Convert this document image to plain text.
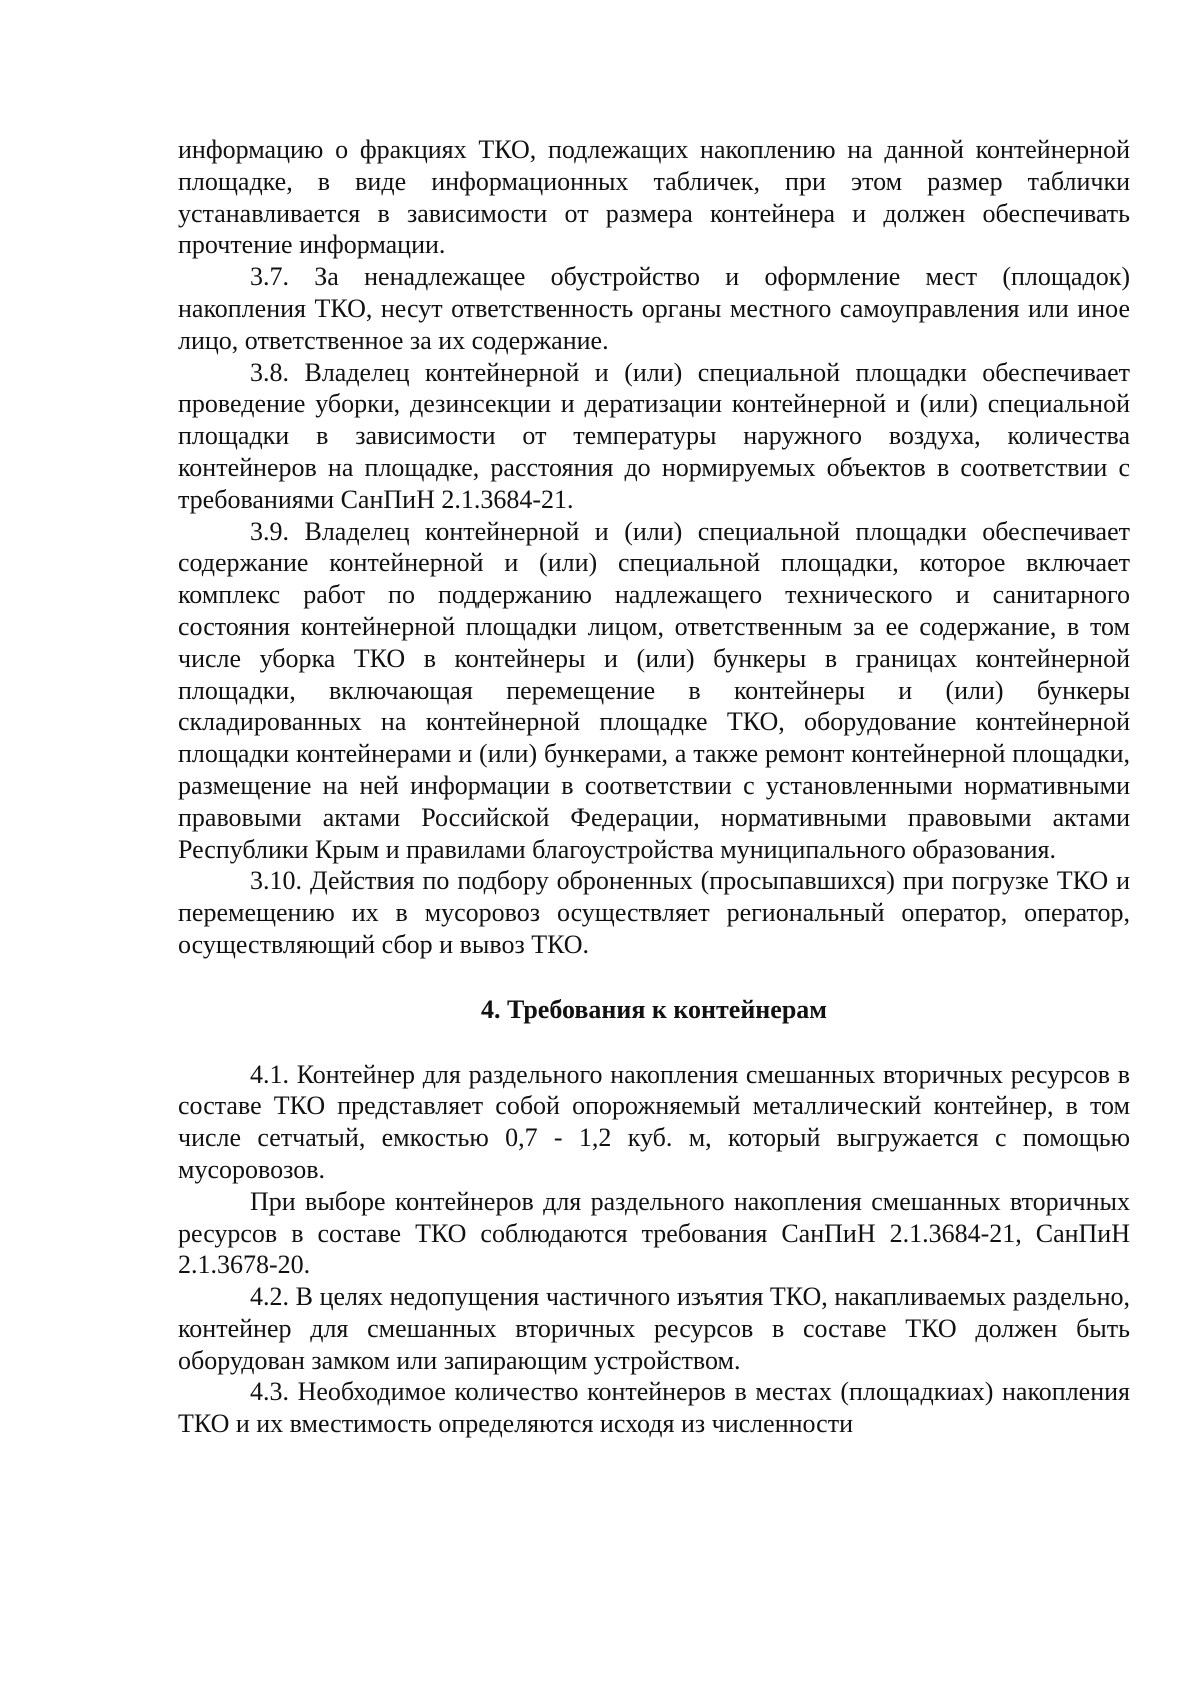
информацию о фракциях ТКО, подлежащих накоплению на данной контейнерной площадке, в виде информационных табличек, при этом размер таблички устанавливается в зависимости от размера контейнера и должен обеспечивать прочтение информации.

3.7. За ненадлежащее обустройство и оформление мест (площадок) накопления ТКО, несут ответственность органы местного самоуправления или иное лицо, ответственное за их содержание.

3.8. Владелец контейнерной и (или) специальной площадки обеспечивает проведение уборки, дезинсекции и дератизации контейнерной и (или) специальной площадки в зависимости от температуры наружного воздуха, количества контейнеров на площадке, расстояния до нормируемых объектов в соответствии с требованиями СанПиН 2.1.3684-21.

3.9. Владелец контейнерной и (или) специальной площадки обеспечивает содержание контейнерной и (или) специальной площадки, которое включает комплекс работ по поддержанию надлежащего технического и санитарного состояния контейнерной площадки лицом, ответственным за ее содержание, в том числе уборка ТКО в контейнеры и (или) бункеры в границах контейнерной площадки, включающая перемещение в контейнеры и (или) бункеры складированных на контейнерной площадке ТКО, оборудование контейнерной площадки контейнерами и (или) бункерами, а также ремонт контейнерной площадки, размещение на ней информации в соответствии с установленными нормативными правовыми актами Российской Федерации, нормативными правовыми актами Республики Крым и правилами благоустройства муниципального образования.

3.10. Действия по подбору оброненных (просыпавшихся) при погрузке ТКО и перемещению их в мусоровоз осуществляет региональный оператор, оператор, осуществляющий сбор и вывоз ТКО.

4. Требования к контейнерам

4.1. Контейнер для раздельного накопления смешанных вторичных ресурсов в составе ТКО представляет собой опорожняемый металлический контейнер, в том числе сетчатый, емкостью 0,7 - 1,2 куб. м, который выгружается с помощью мусоровозов.

При выборе контейнеров для раздельного накопления смешанных вторичных ресурсов в составе ТКО соблюдаются требования СанПиН 2.1.3684-21, СанПиН 2.1.3678-20.

4.2. В целях недопущения частичного изъятия ТКО, накапливаемых раздельно, контейнер для смешанных вторичных ресурсов в составе ТКО должен быть оборудован замком или запирающим устройством.

4.3. Необходимое количество контейнеров в местах (площадкиах) накопления ТКО и их вместимость определяются исходя из численности
